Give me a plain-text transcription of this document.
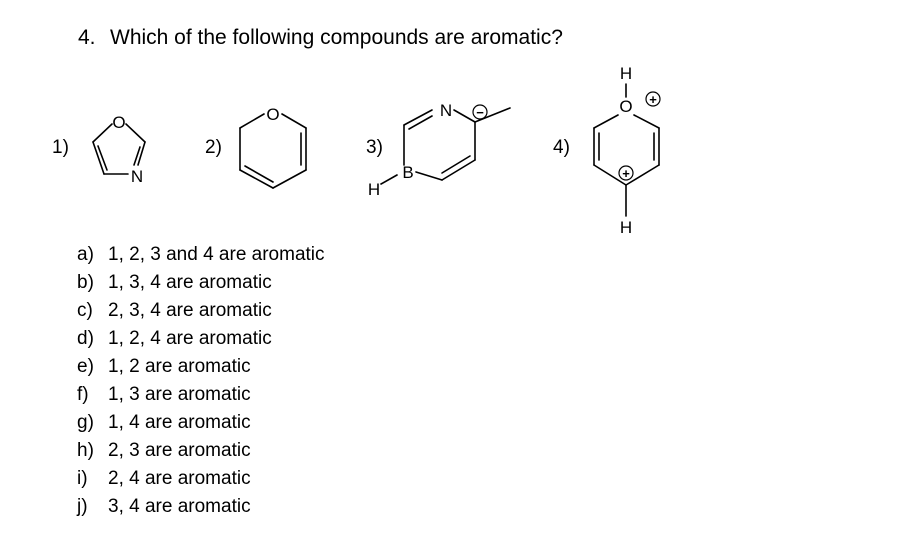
4. Which of the following compounds are aromatic?
1)	2)	3)	4)
O
N
O	N
B
H
H
O
H
−
+
+
a) 1, 2, 3 and 4 are aromatic
b) 1, 3, 4 are aromatic
c) 2, 3, 4 are aromatic
d) 1, 2, 4 are aromatic
e) 1, 2 are aromatic
f) 1, 3 are aromatic
g) 1, 4 are aromatic
h) 2, 3 are aromatic
i) 2, 4 are aromatic
j) 3, 4 are aromatic
